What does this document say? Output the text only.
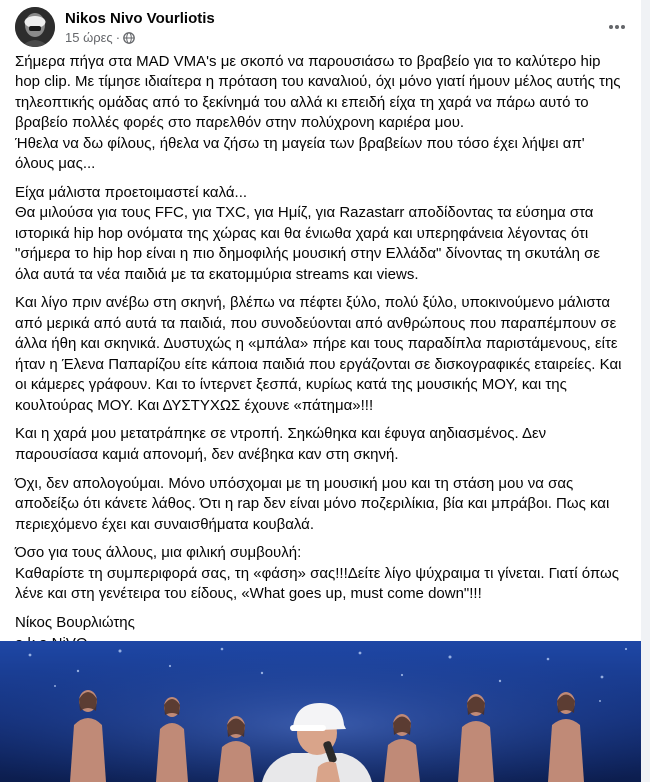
Nikos Nivo Vourliotis
15 ώρες ·

Σήμερα πήγα στα MAD VMA's με σκοπό να παρουσιάσω το βραβείο για το καλύτερο hip hop clip. Με τίμησε ιδιαίτερα η πρόταση του καναλιού, όχι μόνο γιατί ήμουν μέλος αυτής της τηλεοπτικής ομάδας από το ξεκίνημά του αλλά κι επειδή είχα τη χαρά να πάρω αυτό το βραβείο πολλές φορές στο παρελθόν στην πολύχρονη καριέρα μου.
Ήθελα να δω φίλους, ήθελα να ζήσω τη μαγεία των βραβείων που τόσο έχει λήψει απ' όλους μας...

Είχα μάλιστα προετοιμαστεί καλά...
Θα μιλούσα για τους FFC, για TXC, για Ημίζ, για Razastarr αποδίδοντας τα εύσημα στα ιστορικά hip hop ονόματα της χώρας και θα ένιωθα χαρά και υπερηφάνεια λέγοντας ότι "σήμερα το hip hop είναι η πιο δημοφιλής μουσική στην Ελλάδα" δίνοντας τη σκυτάλη σε όλα αυτά τα νέα παιδιά με τα εκατομμύρια streams και views.

Και λίγο πριν ανέβω στη σκηνή, βλέπω να πέφτει ξύλο, πολύ ξύλο, υποκινούμενο μάλιστα από μερικά από αυτά τα παιδιά, που συνοδεύονται από ανθρώπους που παραπέμπουν σε άλλα ήθη και σκηνικά. Δυστυχώς η «μπάλα» πήρε και τους παραδίπλα παριστάμενους, είτε ήταν η Έλενα Παπαρίζου είτε κάποια παιδιά που εργάζονται σε δισκογραφικές εταιρείες. Και οι κάμερες γράφουν. Και το ίντερνετ ξεσπά, κυρίως κατά της μουσικής ΜΟΥ, και της κουλτούρας ΜΟΥ. Και ΔΥΣΤΥΧΩΣ έχουνε «πάτημα»!!!

Και η χαρά μου μετατράπηκε σε ντροπή. Σηκώθηκα και έφυγα αηδιασμένος. Δεν παρουσίασα καμιά απονομή, δεν ανέβηκα καν στη σκηνή.

Όχι, δεν απολογούμαι. Μόνο υπόσχομαι με τη μουσική μου και τη στάση μου να σας αποδείξω ότι κάνετε λάθος. Ότι η rap δεν είναι μόνο ποζεριλίκια, βία και μπράβοι. Πως και περιεχόμενο έχει και συναισθήματα κουβαλά.

Όσο για τους άλλους, μια φιλική συμβουλή:
Καθαρίστε τη συμπεριφορά σας, τη «φάση» σας!!!Δείτε λίγο ψύχραιμα τι γίνεται. Γιατί όπως λένε και στη γενέτειρα του είδους, «What goes up, must come down"!!!

Νίκος Βουρλιώτης
